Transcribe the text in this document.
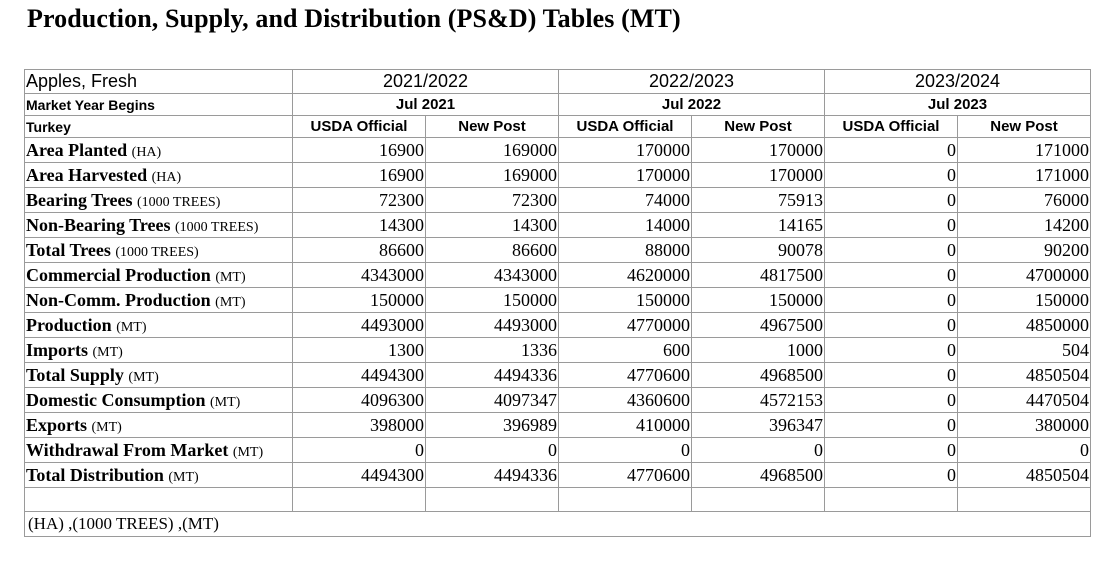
Production, Supply, and Distribution (PS&D) Tables (MT)
Apples, Fresh	2021/2022		2022/2023		2023/2024	
Market Year Begins	Jul 2021		Jul 2022		Jul 2023	
Turkey	USDA Official	New Post	USDA Official	New Post	USDA Official	New Post
Area Planted (HA)	16900	169000	170000	170000	0	171000
Area Harvested (HA)	16900	169000	170000	170000	0	171000
Bearing Trees (1000 TREES)	72300	72300	74000	75913	0	76000
Non-Bearing Trees (1000 TREES)	14300	14300	14000	14165	0	14200
Total Trees (1000 TREES)	86600	86600	88000	90078	0	90200
Commercial Production (MT)	4343000	4343000	4620000	4817500	0	4700000
Non-Comm. Production (MT)	150000	150000	150000	150000	0	150000
Production (MT)	4493000	4493000	4770000	4967500	0	4850000
Imports (MT)	1300	1336	600	1000	0	504
Total Supply (MT)	4494300	4494336	4770600	4968500	0	4850504
Domestic Consumption (MT)	4096300	4097347	4360600	4572153	0	4470504
Exports (MT)	398000	396989	410000	396347	0	380000
Withdrawal From Market (MT)	0	0	0	0	0	0
Total Distribution (MT)	4494300	4494336	4770600	4968500	0	4850504

(HA) ,(1000 TREES) ,(MT)						
